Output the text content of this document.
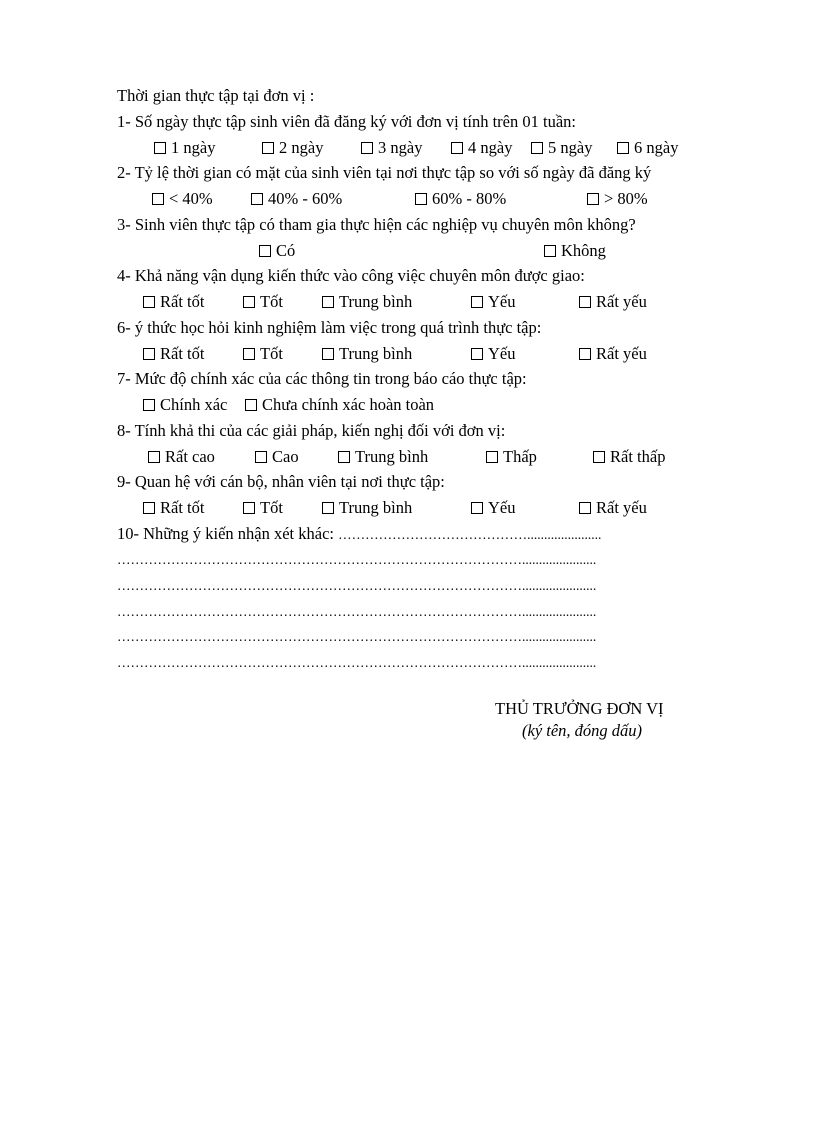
Thời gian thực tập tại đơn vị :
1- Số ngày thực tập sinh viên đã đăng ký với đơn vị tính trên 01 tuần:
1 ngày	2 ngày	3 ngày	4 ngày	5 ngày	6 ngày
2- Tỷ lệ thời gian có mặt của sinh viên tại nơi thực tập so với số ngày đã đăng ký
< 40%	40% - 60%	60% - 80%	> 80%
3- Sinh viên thực tập có tham gia thực hiện các nghiệp vụ chuyên môn không?
Có	Không
4- Khả năng vận dụng kiến thức vào công việc chuyên môn được giao:
Rất tốt	Tốt	Trung bình	Yếu	Rất yếu
6- ý thức học hỏi kinh nghiệm làm việc trong quá trình thực tập:
Rất tốt	Tốt	Trung bình	Yếu	Rất yếu
7- Mức độ chính xác của các thông tin trong báo cáo thực tập:
Chính xác	Chưa chính xác hoàn toàn
8- Tính khả thi của các giải pháp, kiến nghị đối với đơn vị:
Rất cao	Cao	Trung bình	Thấp	Rất thấp
9- Quan hệ với cán bộ, nhân viên tại nơi thực tập:
Rất tốt	Tốt	Trung bình	Yếu	Rất yếu
10- Những ý kiến nhận xét khác: ……………………………………......................
………………………………………………………………………………......................
………………………………………………………………………………......................
………………………………………………………………………………......................
………………………………………………………………………………......................
………………………………………………………………………………......................
THỦ TRƯỞNG ĐƠN VỊ
(ký tên, đóng dấu)
